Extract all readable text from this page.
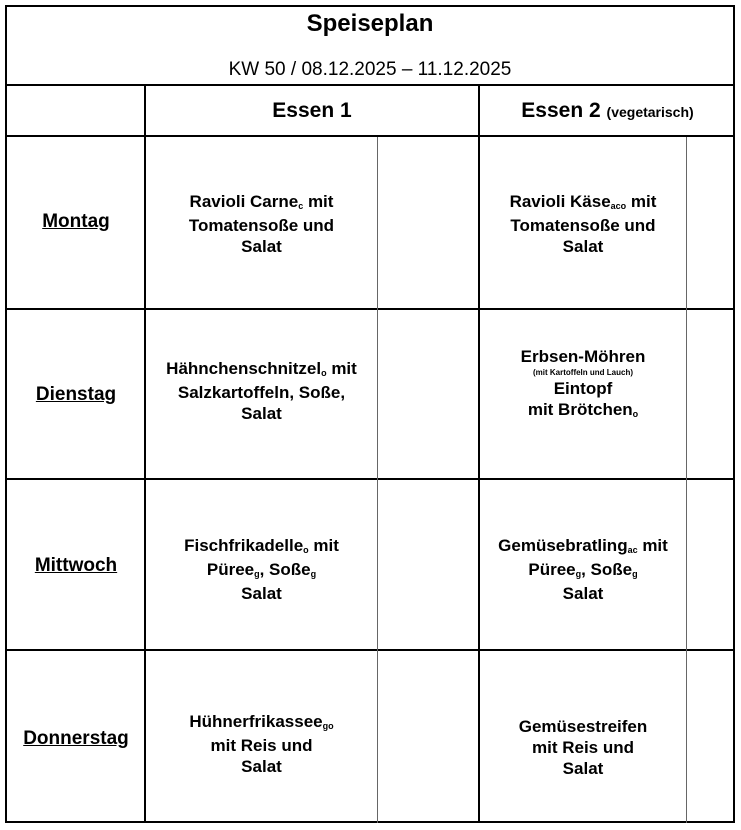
Speiseplan
KW 50 / 08.12.2025 – 11.12.2025
Essen 1	Essen 2 (vegetarisch)
Montag
Ravioli Carne$_c$ mit
Tomatensoße und
Salat
Ravioli Käse$_{aco}$ mit
Tomatensoße und
Salat
Dienstag
Hähnchenschnitzel$_o$ mit
Salzkartoffeln, Soße,
Salat
Erbsen-Möhren
(mit Kartoffeln und Lauch)
Eintopf
mit Brötchen$_o$
Mittwoch
Fischfrikadelle$_o$ mit
Püree$_g$, Soße$_g$
Salat
Gemüsebratling$_{ac}$ mit
Püree$_g$, Soße$_g$
Salat
Donnerstag
Hühnerfrikassee$_{go}$
mit Reis und
Salat
Gemüsestreifen
mit Reis und
Salat
